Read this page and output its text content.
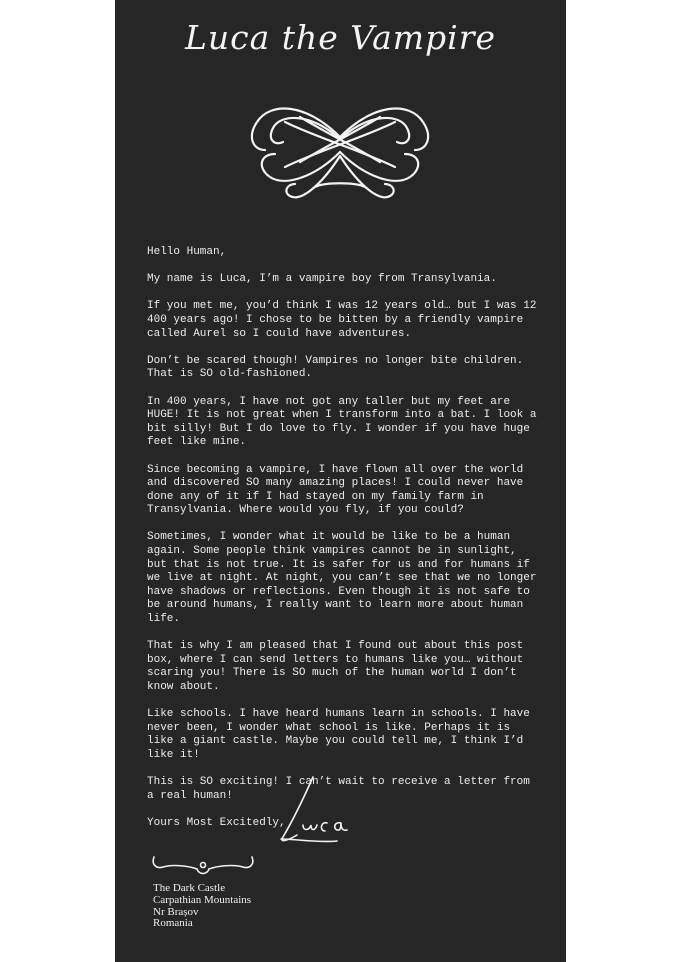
Luca the Vampire

Hello Human,

My name is Luca, I’m a vampire boy from Transylvania.

If you met me, you’d think I was 12 years old… but I was 12 400 years ago! I chose to be bitten by a friendly vampire called Aurel so I could have adventures.

Don’t be scared though! Vampires no longer bite children. That is SO old-fashioned.

In 400 years, I have not got any taller but my feet are HUGE! It is not great when I transform into a bat. I look a bit silly! But I do love to fly. I wonder if you have huge feet like mine.

Since becoming a vampire, I have flown all over the world and discovered SO many amazing places! I could never have done any of it if I had stayed on my family farm in Transylvania. Where would you fly, if you could?

Sometimes, I wonder what it would be like to be a human again. Some people think vampires cannot be in sunlight, but that is not true. It is safer for us and for humans if we live at night. At night, you can’t see that we no longer have shadows or reflections. Even though it is not safe to be around humans, I really want to learn more about human life.

That is why I am pleased that I found out about this post box, where I can send letters to humans like you… without scaring you! There is SO much of the human world I don’t know about.

Like schools. I have heard humans learn in schools. I have never been, I wonder what school is like. Perhaps it is like a giant castle. Maybe you could tell me, I think I’d like it!

This is SO exciting! I can’t wait to receive a letter from a real human!

Yours Most Excitedly,

The Dark Castle
Carpathian Mountains
Nr Brașov
Romania
